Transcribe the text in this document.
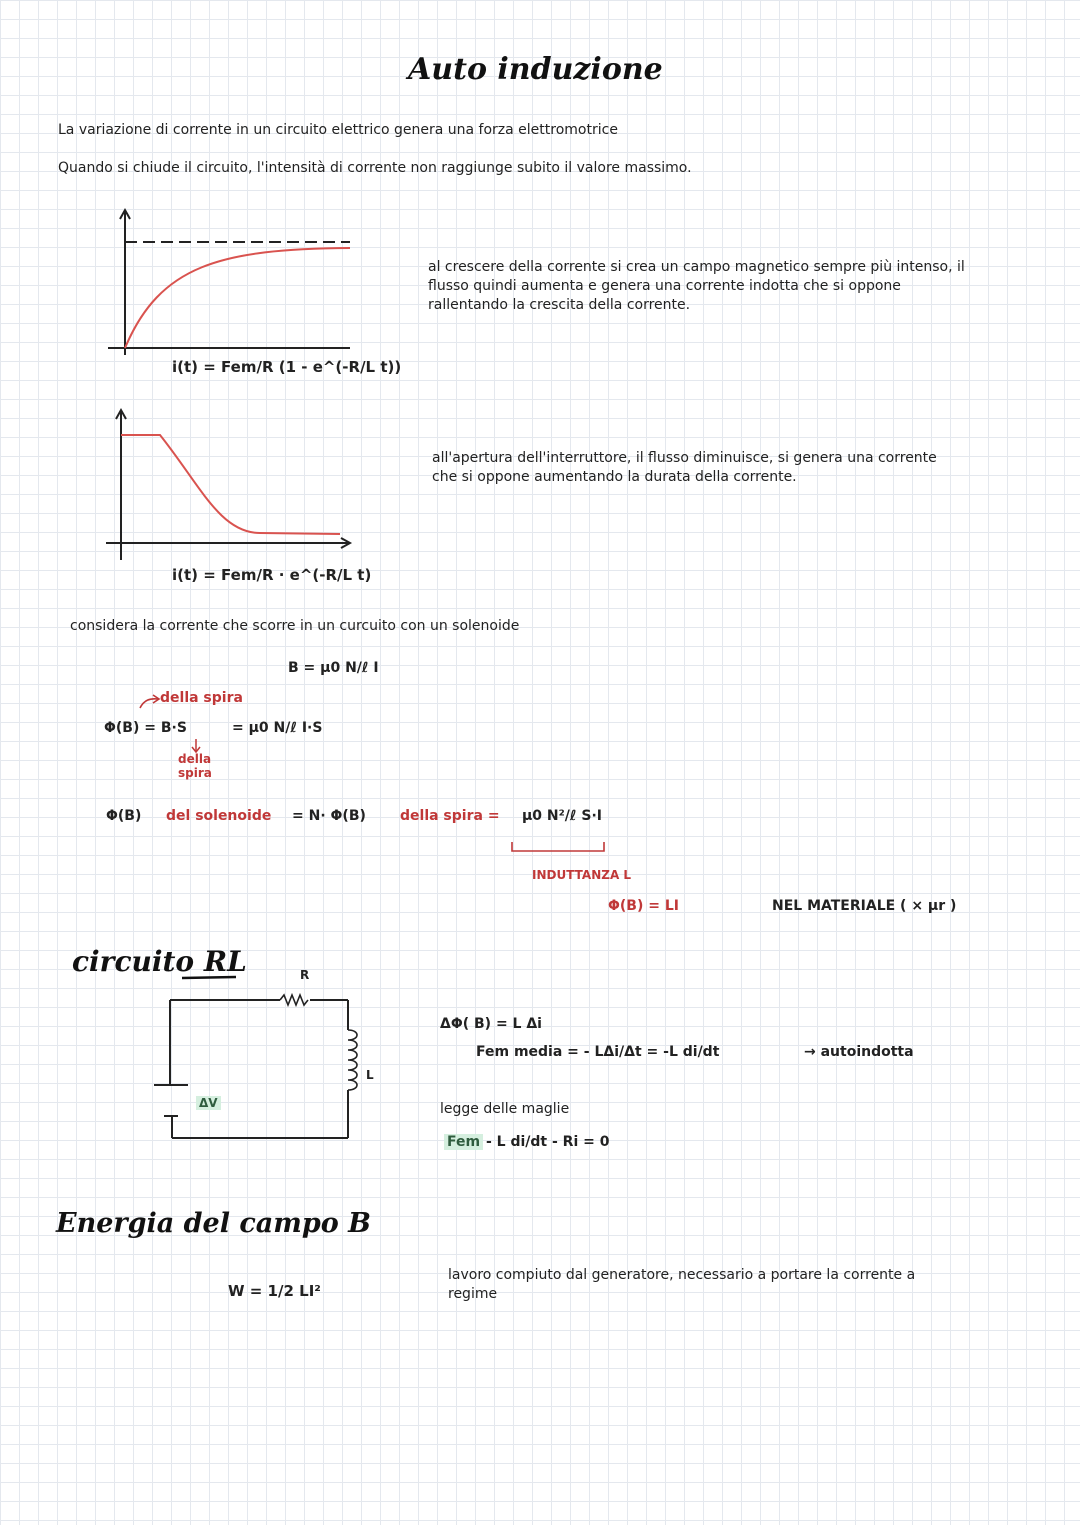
Auto induzione
La variazione di corrente in un circuito elettrico genera una forza elettromotrice
Quando si chiude il circuito, l'intensità di corrente non raggiunge subito il valore massimo.
i(t) = Fem/R (1 - e^(-R/L t))
al crescere della corrente si crea un campo magnetico sempre più intenso, il flusso quindi aumenta e genera una corrente indotta che si oppone rallentando la crescita della corrente.
i(t) = Fem/R · e^(-R/L t)
all'apertura dell'interruttore, il flusso diminuisce, si genera una corrente che si oppone aumentando la durata della corrente.
considera la corrente che scorre in un curcuito con un solenoide
B = μ0 N/ℓ I
della spira
Φ(B) = B·S	= μ0 N/ℓ I·S
della spira
Φ(B) del solenoide = N· Φ(B) della spira = μ0 N²/ℓ S·I
INDUTTANZA L
Φ(B) = LI	NEL MATERIALE ( × μr )
circuito RL	R
L
ΔV
ΔΦ( B) = L Δi
Fem media = - LΔi/Δt = -L di/dt	→ autoindotta
legge delle maglie
Fem - L di/dt - Ri = 0
Energia del campo B
W = 1/2 LI²
lavoro compiuto dal generatore, necessario a portare la corrente a regime
